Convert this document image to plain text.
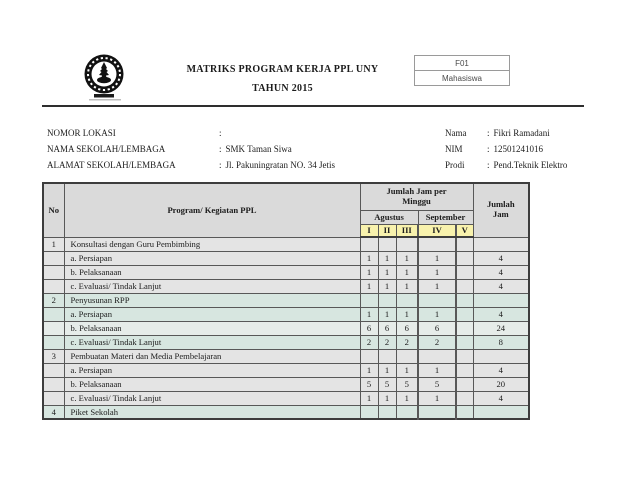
MATRIKS PROGRAM KERJA PPL UNY
TAHUN 2015
F01
Mahasiswa
NOMOR LOKASI	:
NAMA SEKOLAH/LEMBAGA	: SMK Taman Siwa
ALAMAT SEKOLAH/LEMBAGA	: Jl. Pakuningratan NO. 34 Jetis
Nama : Fikri Ramadani
NIM	: 12501241016
Prodi : Pend.Teknik Elektro
No	Program/ Kegiatan PPL	Jumlah Jam per Minggu					Jumlah Jam
		Agustus			September		
		I	II	III	IV	V	
1	Konsultasi dengan Guru Pembimbing						
	a. Persiapan	1	1	1	1		4
	b. Pelaksanaan	1	1	1	1		4
	c. Evaluasi/ Tindak Lanjut	1	1	1	1		4
2	Penyusunan RPP						
	a. Persiapan	1	1	1	1		4
	b. Pelaksanaan	6	6	6	6		24
	c. Evaluasi/ Tindak Lanjut	2	2	2	2		8
3	Pembuatan Materi dan Media Pembelajaran						
	a. Persiapan	1	1	1	1		4
	b. Pelaksanaan	5	5	5	5		20
	c. Evaluasi/ Tindak Lanjut	1	1	1	1		4
4	Piket Sekolah						
